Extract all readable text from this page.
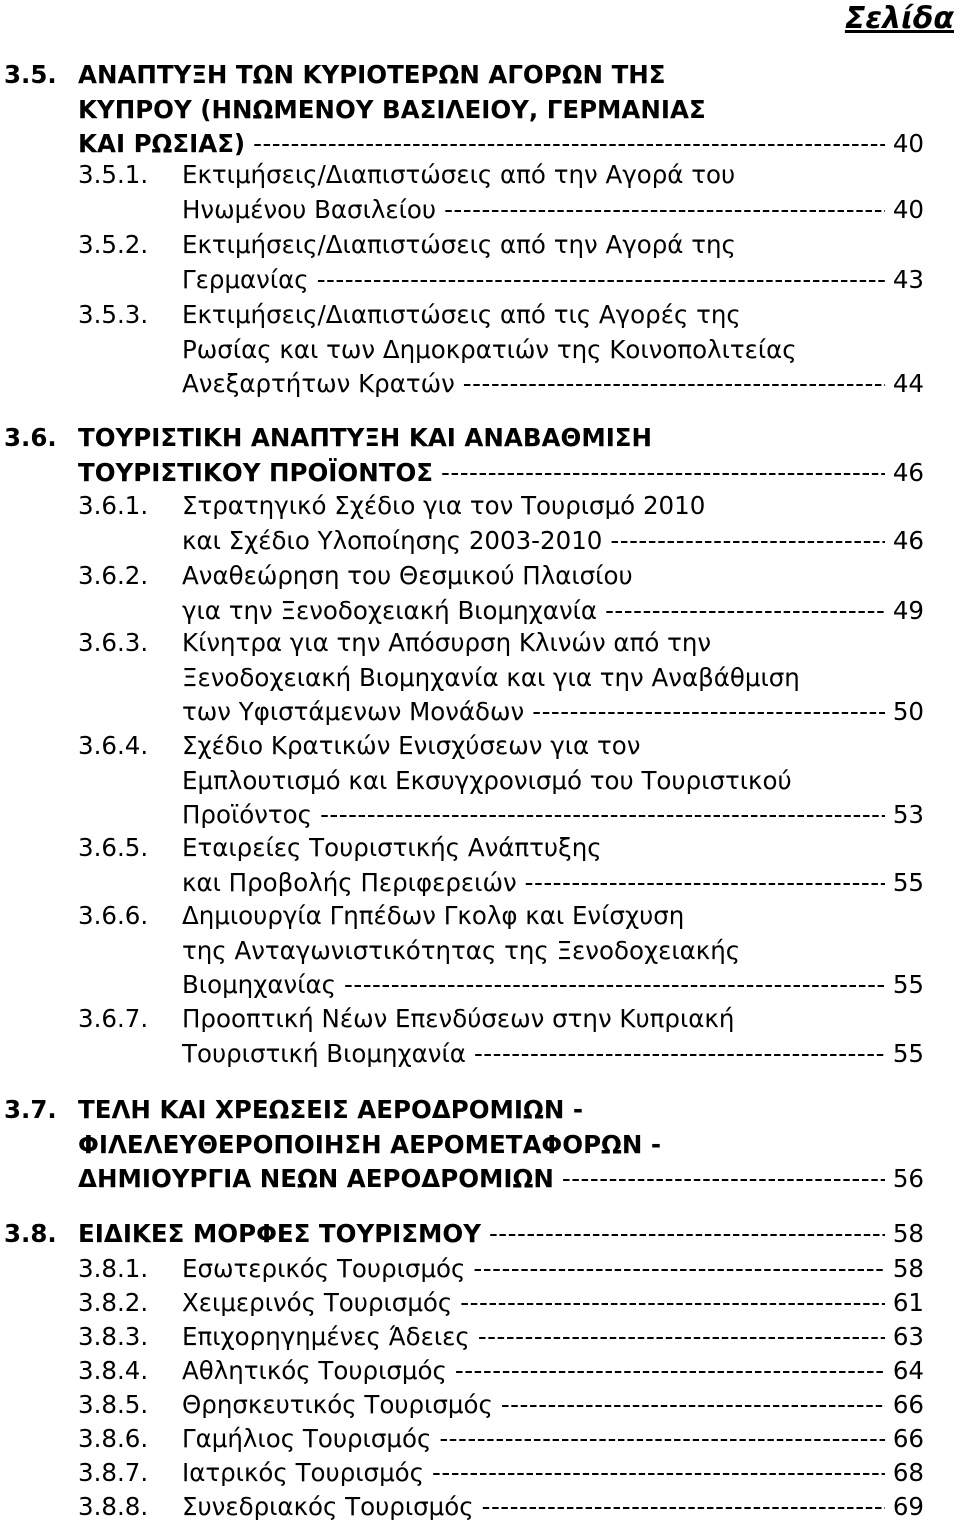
Σελίδα
3.5. ΑΝΑΠΤΥΞΗ ΤΩΝ ΚΥΡΙΟΤΕΡΩΝ ΑΓΟΡΩΝ ΤΗΣ
ΚΥΠΡΟΥ (ΗΝΩΜΕΝΟΥ ΒΑΣΙΛΕΙΟΥ, ΓΕΡΜΑΝΙΑΣ
ΚΑΙ ΡΩΣΙΑΣ) -----	40
3.5.1. Εκτιμήσεις/Διαπιστώσεις από την Αγορά του
Ηνωμένου Βασιλείου -----	40
3.5.2. Εκτιμήσεις/Διαπιστώσεις από την Αγορά της
Γερμανίας -----	43
3.5.3. Εκτιμήσεις/Διαπιστώσεις από τις Αγορές της
Ρωσίας και των Δημοκρατιών της Κοινοπολιτείας
Ανεξαρτήτων Κρατών -----	44
3.6. ΤΟΥΡΙΣΤΙΚΗ ΑΝΑΠΤΥΞΗ ΚΑΙ ΑΝΑΒΑΘΜΙΣΗ
ΤΟΥΡΙΣΤΙΚΟΥ ΠΡΟΪΟΝΤΟΣ -----	46
3.6.1. Στρατηγικό Σχέδιο για τον Τουρισμό 2010
και Σχέδιο Υλοποίησης 2003-2010 -----	46
3.6.2. Αναθεώρηση του Θεσμικού Πλαισίου
για την Ξενοδοχειακή Βιομηχανία -----	49
3.6.3. Κίνητρα για την Απόσυρση Κλινών από την
Ξενοδοχειακή Βιομηχανία και για την Αναβάθμιση
των Υφιστάμενων Μονάδων -----	50
3.6.4. Σχέδιο Κρατικών Ενισχύσεων για τον
Εμπλουτισμό και Εκσυγχρονισμό του Τουριστικού
Προϊόντος -----	53
3.6.5. Εταιρείες Τουριστικής Ανάπτυξης
και Προβολής Περιφερειών -----	55
3.6.6. Δημιουργία Γηπέδων Γκολφ και Ενίσχυση
της Ανταγωνιστικότητας της Ξενοδοχειακής
Βιομηχανίας -----	55
3.6.7. Προοπτική Νέων Επενδύσεων στην Κυπριακή
Τουριστική Βιομηχανία -----	55
3.7. ΤΕΛΗ ΚΑΙ ΧΡΕΩΣΕΙΣ ΑΕΡΟΔΡΟΜΙΩΝ -
ΦΙΛΕΛΕΥΘΕΡΟΠΟΙΗΣΗ ΑΕΡΟΜΕΤΑΦΟΡΩΝ -
ΔΗΜΙΟΥΡΓΙΑ ΝΕΩΝ ΑΕΡΟΔΡΟΜΙΩΝ -----	56
3.8. ΕΙΔΙΚΕΣ ΜΟΡΦΕΣ ΤΟΥΡΙΣΜΟΥ -----	58
3.8.1. Εσωτερικός Τουρισμός -----	58
3.8.2. Χειμερινός Τουρισμός -----	61
3.8.3. Επιχορηγημένες Άδειες -----	63
3.8.4. Αθλητικός Τουρισμός -----	64
3.8.5. Θρησκευτικός Τουρισμός -----	66
3.8.6. Γαμήλιος Τουρισμός -----	66
3.8.7. Ιατρικός Τουρισμός -----	68
3.8.8. Συνεδριακός Τουρισμός -----	69
